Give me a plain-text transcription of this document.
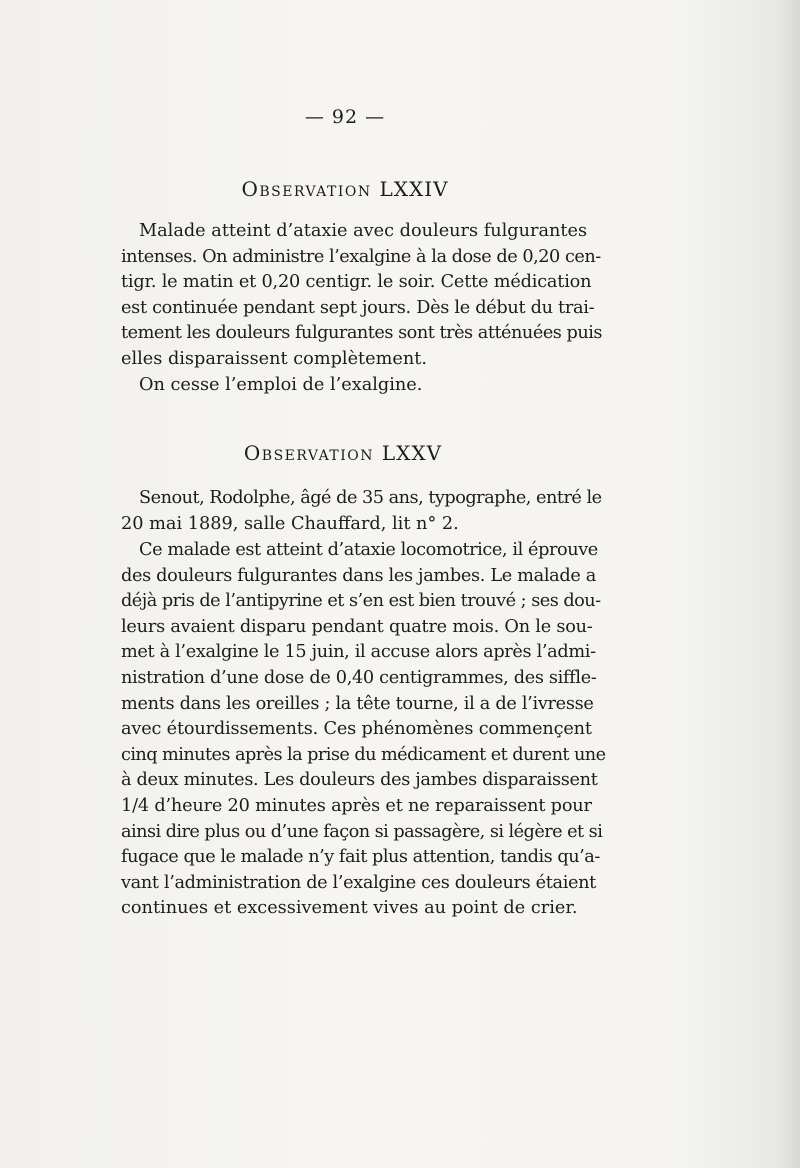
— 92 —
Observation LXXIV
Malade atteint d’ataxie avec douleurs fulgurantes
intenses. On administre l’exalgine à la dose de 0,20 cen-
tigr. le matin et 0,20 centigr. le soir. Cette médication
est continuée pendant sept jours. Dès le début du trai-
tement les douleurs fulgurantes sont très atténuées puis
elles disparaissent complètement.
On cesse l’emploi de l’exalgine.
Observation LXXV
Senout, Rodolphe, âgé de 35 ans, typographe, entré le
20 mai 1889, salle Chauffard, lit n° 2.
Ce malade est atteint d’ataxie locomotrice, il éprouve
des douleurs fulgurantes dans les jambes. Le malade a
déjà pris de l’antipyrine et s’en est bien trouvé ; ses dou-
leurs avaient disparu pendant quatre mois. On le sou-
met à l’exalgine le 15 juin, il accuse alors après l’admi-
nistration d’une dose de 0,40 centigrammes, des siffle-
ments dans les oreilles ; la tête tourne, il a de l’ivresse
avec étourdissements. Ces phénomènes commençent
cinq minutes après la prise du médicament et durent une
à deux minutes. Les douleurs des jambes disparaissent
1/4 d’heure 20 minutes après et ne reparaissent pour
ainsi dire plus ou d’une façon si passagère, si légère et si
fugace que le malade n’y fait plus attention, tandis qu’a-
vant l’administration de l’exalgine ces douleurs étaient
continues et excessivement vives au point de crier.
